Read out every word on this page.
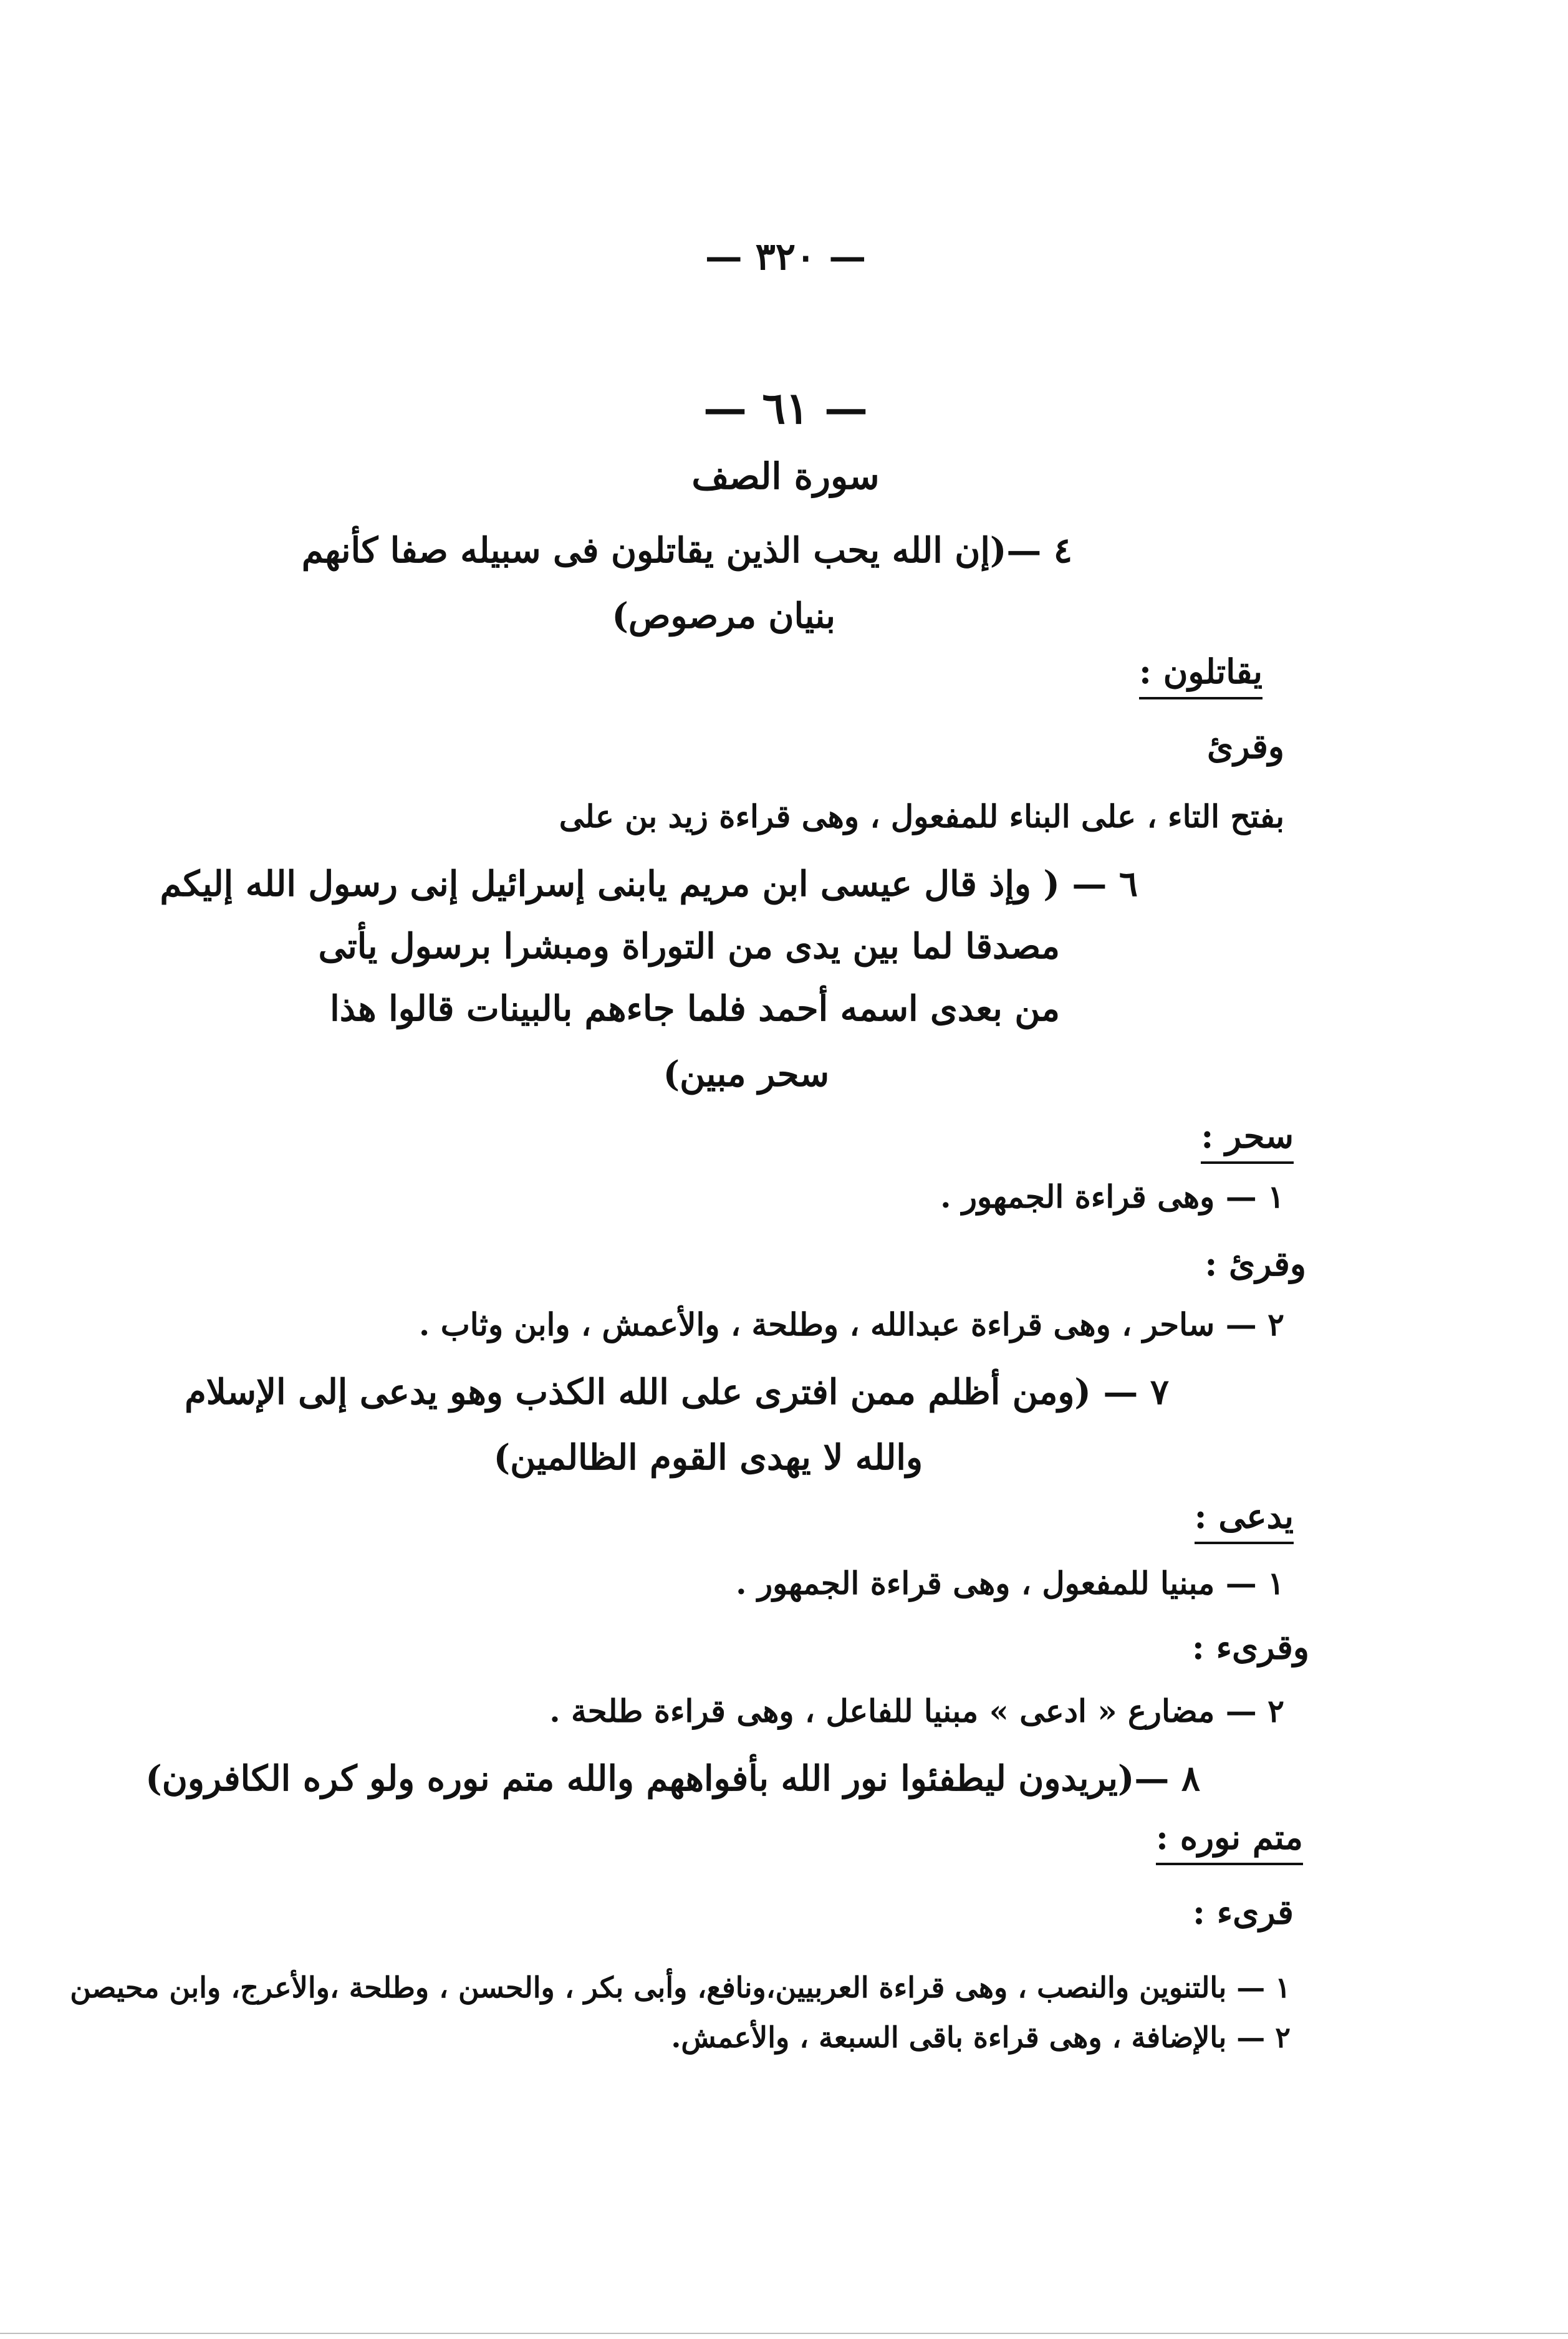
— ٣٢٠ —
— ٦١ —
سورة الصف
٤ —(إن الله يحب الذين يقاتلون فى سبيله صفا كأنهم
بنيان مرصوص)
يقاتلون :
وقرئ
بفتح التاء ، على البناء للمفعول ، وهى قراءة زيد بن على
٦ — ( وإذ قال عيسى ابن مريم يابنى إسرائيل إنى رسول الله إليكم
مصدقا لما بين يدى من التوراة ومبشرا برسول يأتى
من بعدى اسمه أحمد فلما جاءهم بالبينات قالوا هذا
سحر مبين)
سحر :
١ — وهى قراءة الجمهور .
وقرئ :
٢ — ساحر ، وهى قراءة عبدالله ، وطلحة ، والأعمش ، وابن وثاب .
٧ — (ومن أظلم ممن افترى على الله الكذب وهو يدعى إلى الإسلام
والله لا يهدى القوم الظالمين)
يدعى :
١ — مبنيا للمفعول ، وهى قراءة الجمهور .
وقرىء :
٢ — مضارع « ادعى » مبنيا للفاعل ، وهى قراءة طلحة .
٨ —(يريدون ليطفئوا نور الله بأفواههم والله متم نوره ولو كره الكافرون)
متم نوره :
قرىء :
١ — بالتنوين والنصب ، وهى قراءة العربيين،ونافع، وأبى بكر ، والحسن ، وطلحة ،والأعرج، وابن محيصن
٢ — بالإضافة ، وهى قراءة باقى السبعة ، والأعمش.
